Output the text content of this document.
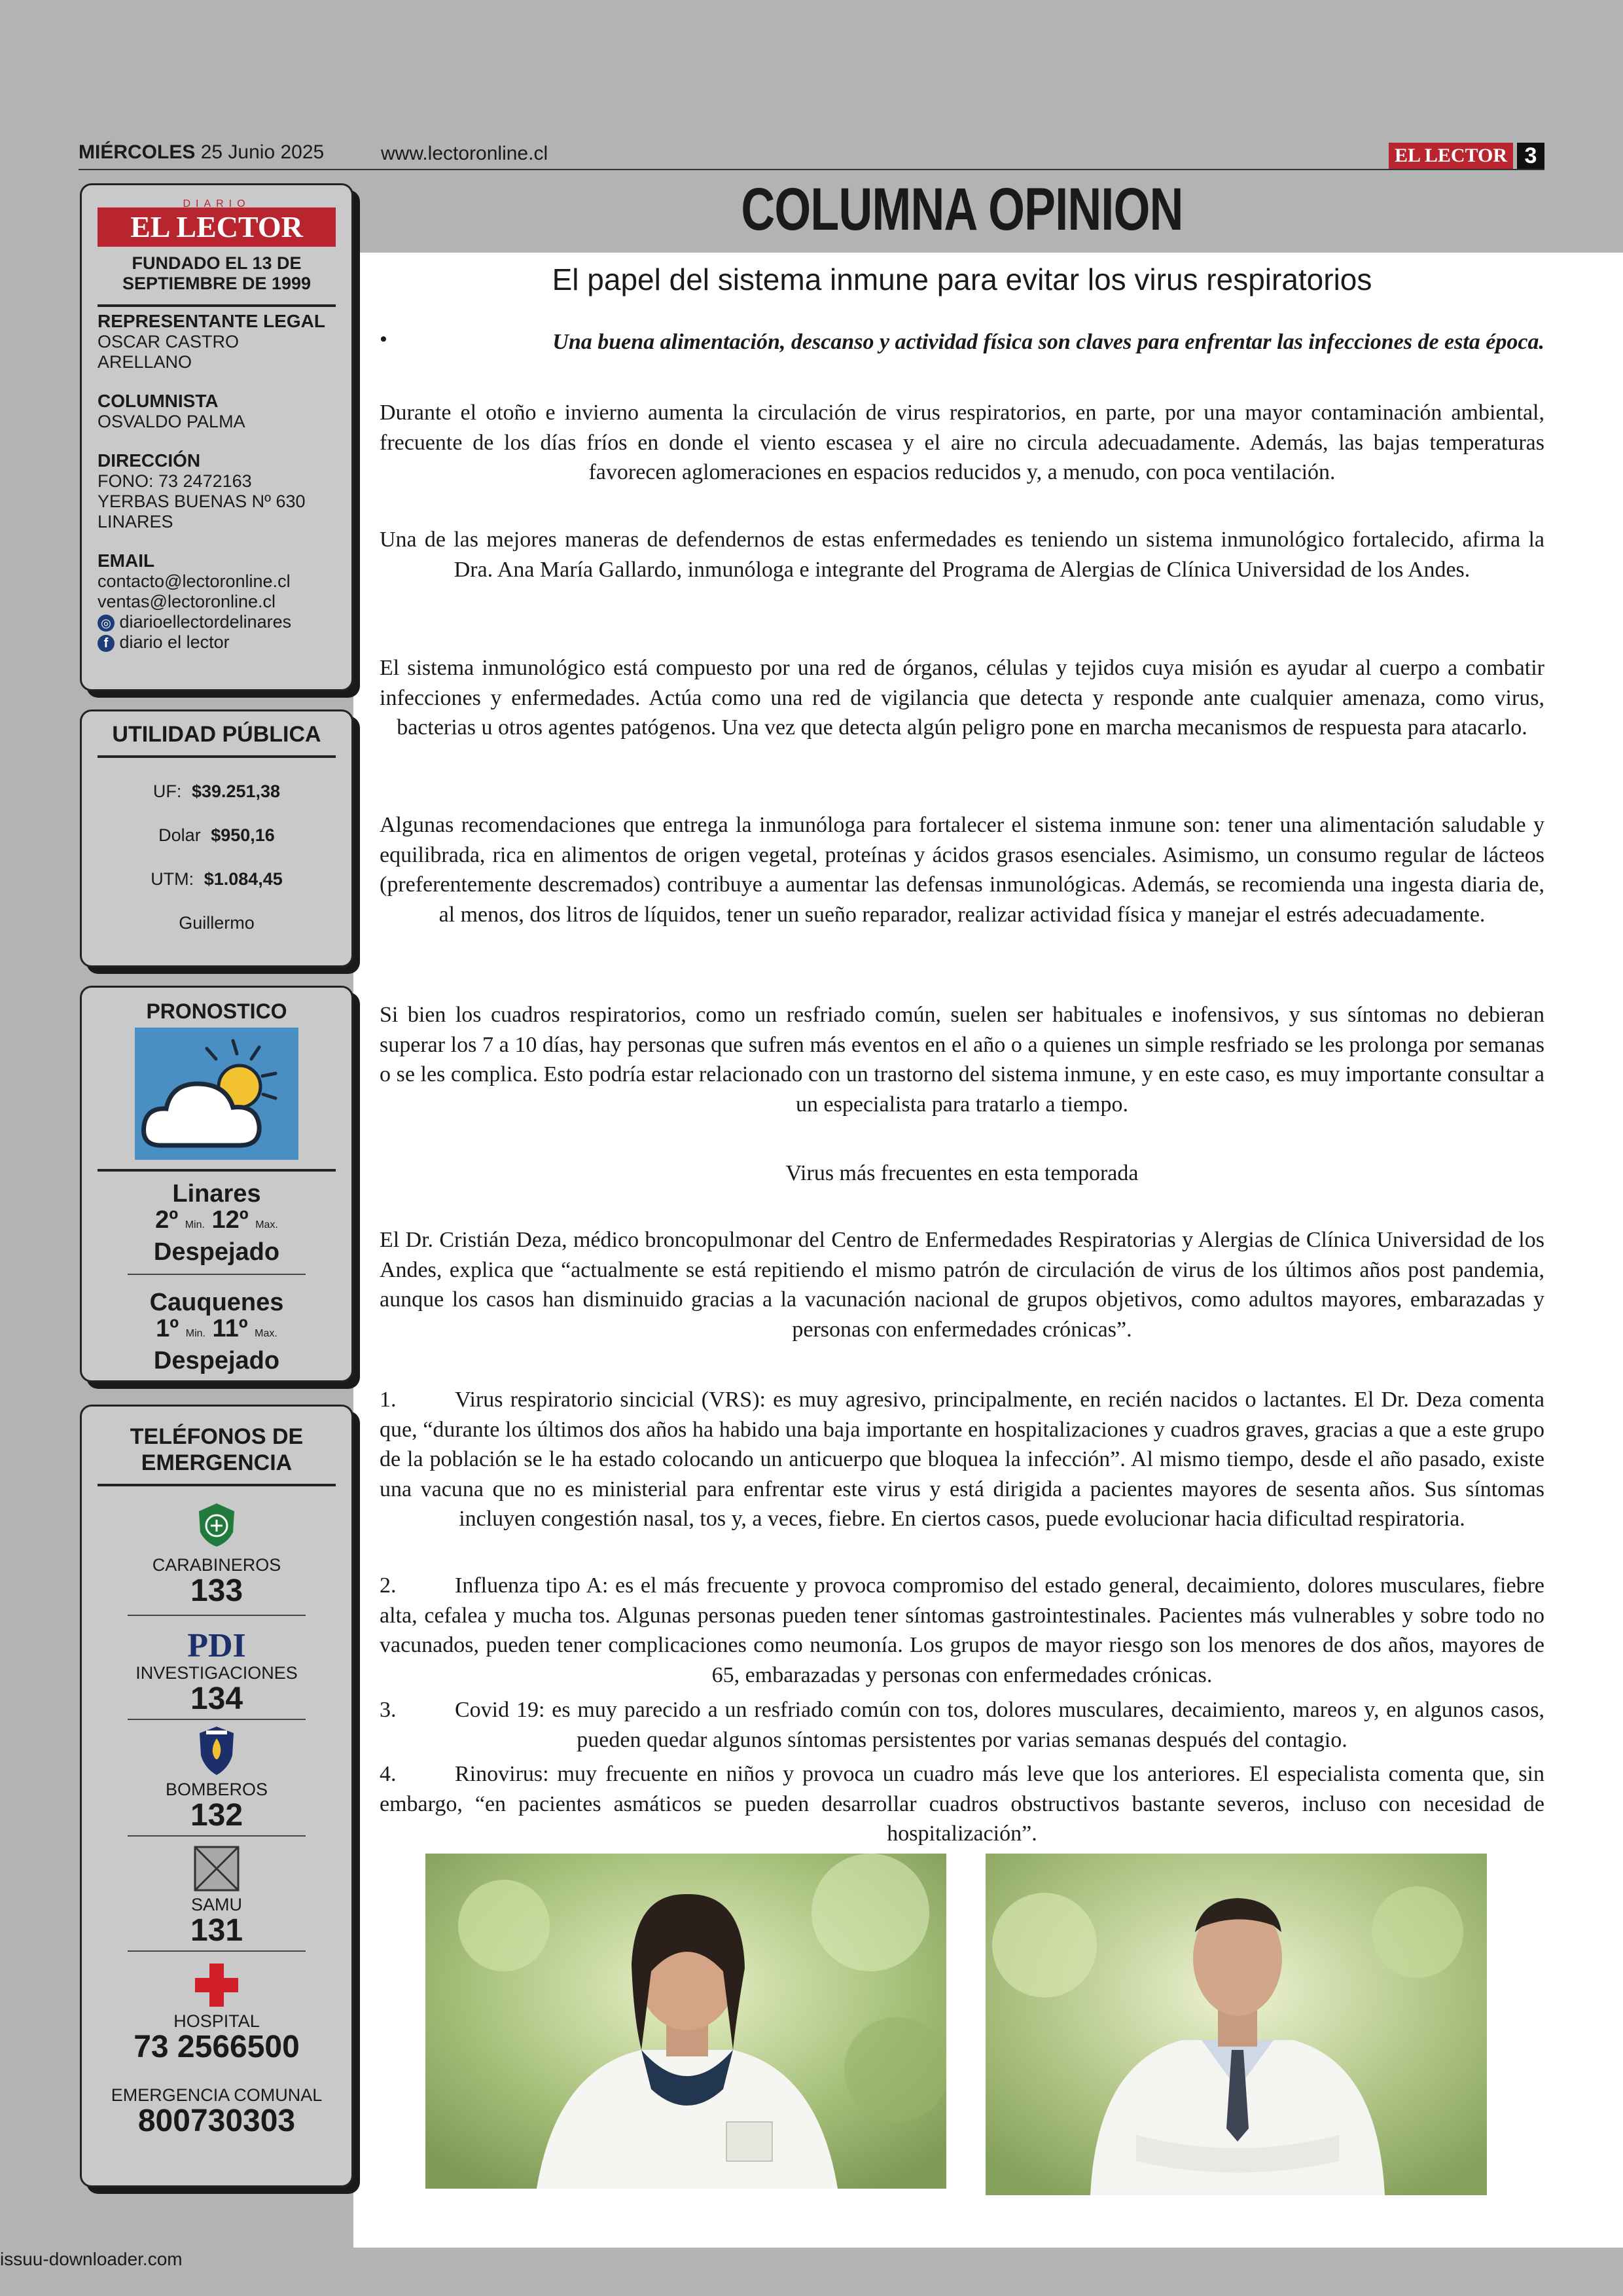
MIÉRCOLES 25 Junio 2025	www.lectoronline.cl	EL LECTOR 3
COLUMNA OPINION
El papel del sistema inmune para evitar los virus respiratorios
•	Una buena alimentación, descanso y actividad física son claves para enfrentar las infecciones de esta época.
Durante el otoño e invierno aumenta la circulación de virus respiratorios, en parte, por una mayor contaminación ambiental, frecuente de los días fríos en donde el viento escasea y el aire no circula adecuadamente. Además, las bajas temperaturas favorecen aglomeraciones en espacios reducidos y, a menudo, con poca ventilación.
Una de las mejores maneras de defendernos de estas enfermedades es teniendo un sistema inmunológico fortalecido, afirma la Dra. Ana María Gallardo, inmunóloga e integrante del Programa de Alergias de Clínica Universidad de los Andes.
El sistema inmunológico está compuesto por una red de órganos, células y tejidos cuya misión es ayudar al cuerpo a combatir infecciones y enfermedades. Actúa como una red de vigilancia que detecta y responde ante cualquier amenaza, como virus, bacterias u otros agentes patógenos. Una vez que detecta algún peligro pone en marcha mecanismos de respuesta para atacarlo.
Algunas recomendaciones que entrega la inmunóloga para fortalecer el sistema inmune son: tener una alimentación saludable y equilibrada, rica en alimentos de origen vegetal, proteínas y ácidos grasos esenciales. Asimismo, un consumo regular de lácteos (preferentemente descremados) contribuye a aumentar las defensas inmunológicas. Además, se recomienda una ingesta diaria de, al menos, dos litros de líquidos, tener un sueño reparador, realizar actividad física y manejar el estrés adecuadamente.
Si bien los cuadros respiratorios, como un resfriado común, suelen ser habituales e inofensivos, y sus síntomas no debieran superar los 7 a 10 días, hay personas que sufren más eventos en el año o a quienes un simple resfriado se les prolonga por semanas o se les complica. Esto podría estar relacionado con un trastorno del sistema inmune, y en este caso, es muy importante consultar a un especialista para tratarlo a tiempo.
Virus más frecuentes en esta temporada
El Dr. Cristián Deza, médico broncopulmonar del Centro de Enfermedades Respiratorias y Alergias de Clínica Universidad de los Andes, explica que “actualmente se está repitiendo el mismo patrón de circulación de virus de los últimos años post pandemia, aunque los casos han disminuido gracias a la vacunación nacional de grupos objetivos, como adultos mayores, embarazadas y personas con enfermedades crónicas”.
1.	Virus respiratorio sincicial (VRS): es muy agresivo, principalmente, en recién nacidos o lactantes. El Dr. Deza comenta que, “durante los últimos dos años ha habido una baja importante en hospitalizaciones y cuadros graves, gracias a que a este grupo de la población se le ha estado colocando un anticuerpo que bloquea la infección”. Al mismo tiempo, desde el año pasado, existe una vacuna que no es ministerial para enfrentar este virus y está dirigida a pacientes mayores de sesenta años. Sus síntomas incluyen congestión nasal, tos y, a veces, fiebre. En ciertos casos, puede evolucionar hacia dificultad respiratoria.
2.	Influenza tipo A: es el más frecuente y provoca compromiso del estado general, decaimiento, dolores musculares, fiebre alta, cefalea y mucha tos. Algunas personas pueden tener síntomas gastrointestinales. Pacientes más vulnerables y sobre todo no vacunados, pueden tener complicaciones como neumonía. Los grupos de mayor riesgo son los menores de dos años, mayores de 65, embarazadas y personas con enfermedades crónicas.
3.	Covid 19: es muy parecido a un resfriado común con tos, dolores musculares, decaimiento, mareos y, en algunos casos, pueden quedar algunos síntomas persistentes por varias semanas después del contagio.
4.	Rinovirus: muy frecuente en niños y provoca un cuadro más leve que los anteriores. El especialista comenta que, sin embargo, “en pacientes asmáticos se pueden desarrollar cuadros obstructivos bastante severos, incluso con necesidad de hospitalización”.
DIARIO
EL LECTOR
FUNDADO EL 13 DE SEPTIEMBRE DE 1999
REPRESENTANTE LEGAL
OSCAR CASTRO ARELLANO
COLUMNISTA
OSVALDO PALMA
DIRECCIÓN
FONO: 73 2472163
YERBAS BUENAS Nº 630
LINARES
EMAIL
contacto@lectoronline.cl
ventas@lectoronline.cl
◎ diarioellectordelinares
f diario el lector
UTILIDAD PÚBLICA
UF: $39.251,38
Dolar $950,16
UTM: $1.084,45
Guillermo
PRONOSTICO
Linares
2º Min. 12º Max.
Despejado
Cauquenes
1º Min. 11º Max.
Despejado
TELÉFONOS DE EMERGENCIA
CARABINEROS
133
PDI
INVESTIGACIONES
134
BOMBEROS
132
SAMU
131
HOSPITAL
73 2566500
EMERGENCIA COMUNAL
800730303
issuu-downloader.com
